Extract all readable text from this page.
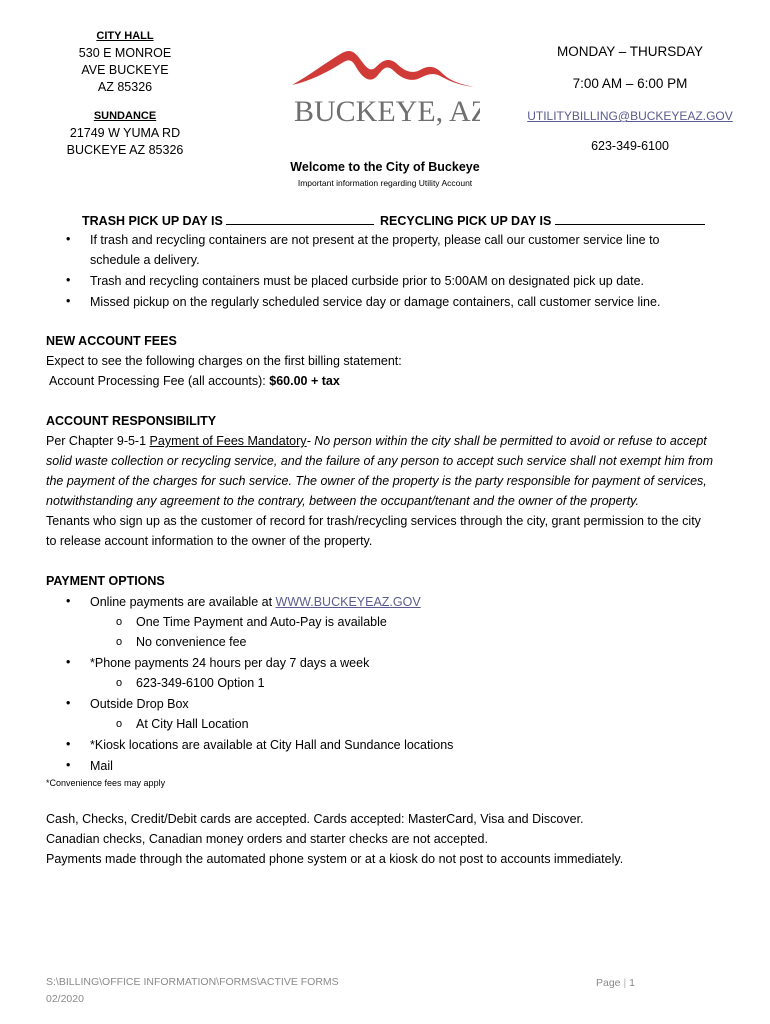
CITY HALL
530 E MONROE
AVE BUCKEYE
AZ 85326
SUNDANCE
21749 W YUMA RD
BUCKEYE AZ 85326
BUCKEYE, AZ
MONDAY – THURSDAY
7:00 AM – 6:00 PM
UTILITYBILLING@BUCKEYEAZ.GOV
623-349-6100
Welcome to the City of Buckeye
Important information regarding Utility Account
TRASH PICK UP DAY IS	RECYCLING PICK UP DAY IS
• If trash and recycling containers are not present at the property, please call our customer service line to
schedule a delivery.
• Trash and recycling containers must be placed curbside prior to 5:00AM on designated pick up date.
• Missed pickup on the regularly scheduled service day or damage containers, call customer service line.
NEW ACCOUNT FEES
Expect to see the following charges on the first billing statement:
Account Processing Fee (all accounts): $60.00 + tax
ACCOUNT RESPONSIBILITY
Per Chapter 9-5-1 Payment of Fees Mandatory- No person within the city shall be permitted to avoid or refuse to accept
solid waste collection or recycling service, and the failure of any person to accept such service shall not exempt him from
the payment of the charges for such service. The owner of the property is the party responsible for payment of services,
notwithstanding any agreement to the contrary, between the occupant/tenant and the owner of the property.
Tenants who sign up as the customer of record for trash/recycling services through the city, grant permission to the city
to release account information to the owner of the property.
PAYMENT OPTIONS
• Online payments are available at WWW.BUCKEYEAZ.GOV
o One Time Payment and Auto-Pay is available
o No convenience fee
• *Phone payments 24 hours per day 7 days a week
o 623-349-6100 Option 1
• Outside Drop Box
o At City Hall Location
• *Kiosk locations are available at City Hall and Sundance locations
• Mail
*Convenience fees may apply
Cash, Checks, Credit/Debit cards are accepted. Cards accepted: MasterCard, Visa and Discover.
Canadian checks, Canadian money orders and starter checks are not accepted.
Payments made through the automated phone system or at a kiosk do not post to accounts immediately.
S:\BILLING\OFFICE INFORMATION\FORMS\ACTIVE FORMS
02/2020
Page | 1
